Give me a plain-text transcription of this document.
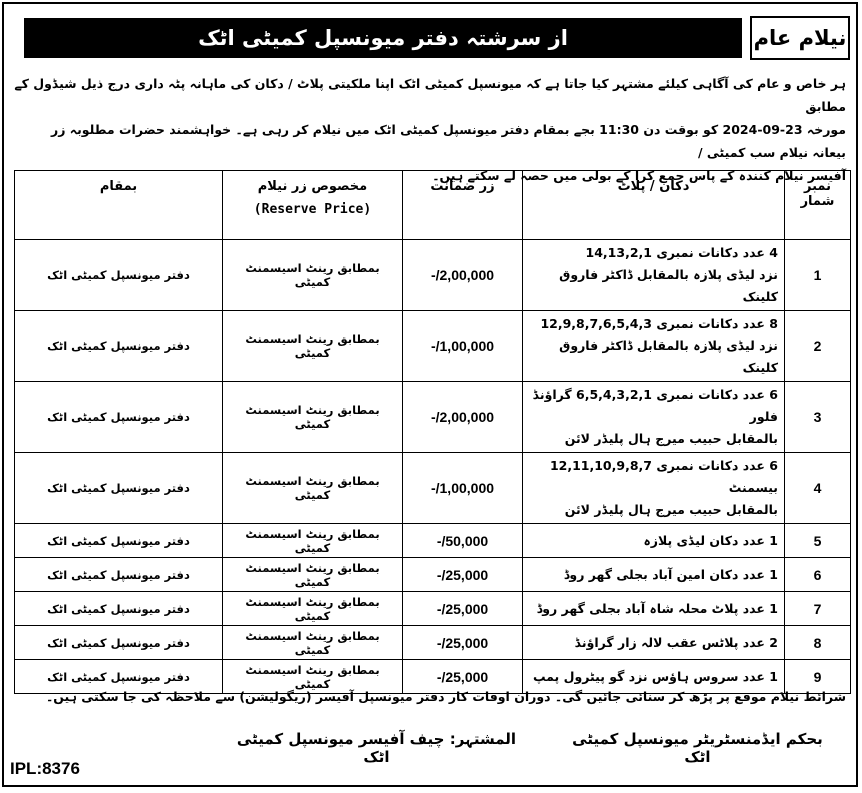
نیلام عام
از سرشتہ دفتر میونسپل کمیٹی اٹک
ہر خاص و عام کی آگاہی کیلئے مشتہر کیا جاتا ہے کہ میونسپل کمیٹی اٹک اپنا ملکیتی پلاٹ / دکان کی ماہانہ پٹہ داری درج ذیل شیڈول کے مطابق
مورخہ 23-09-2024 کو بوقت دن 11:30 بجے بمقام دفتر میونسپل کمیٹی اٹک میں نیلام کر رہی ہے۔ خواہشمند حضرات مطلوبہ زر بیعانہ نیلام سب کمیٹی /
آفیسر نیلام کنندہ کے پاس جمع کرا کے بولی میں حصہ لے سکتے ہیں۔
نمبر شمار	دکان / پلاٹ	زر ضمانت	مخصوص زر نیلام
(Reserve Price)	بمقام
1	4 عدد دکانات نمبری 14,13,2,1
نزد لیڈی پلازہ بالمقابل ڈاکٹر فاروق کلینک	-/2,00,000	بمطابق رینٹ اسیسمنٹ کمیٹی	دفتر میونسپل کمیٹی اٹک
2	8 عدد دکانات نمبری 12,9,8,7,6,5,4,3
نزد لیڈی پلازہ بالمقابل ڈاکٹر فاروق کلینک	-/1,00,000	بمطابق رینٹ اسیسمنٹ کمیٹی	دفتر میونسپل کمیٹی اٹک
3	6 عدد دکانات نمبری 6,5,4,3,2,1 گراؤنڈ فلور
بالمقابل حبیب میرج ہال پلیڈر لائن	-/2,00,000	بمطابق رینٹ اسیسمنٹ کمیٹی	دفتر میونسپل کمیٹی اٹک
4	6 عدد دکانات نمبری 12,11,10,9,8,7 بیسمنٹ
بالمقابل حبیب میرج ہال پلیڈر لائن	-/1,00,000	بمطابق رینٹ اسیسمنٹ کمیٹی	دفتر میونسپل کمیٹی اٹک
5	1 عدد دکان لیڈی پلازہ	-/50,000	بمطابق رینٹ اسیسمنٹ کمیٹی	دفتر میونسپل کمیٹی اٹک
6	1 عدد دکان امین آباد بجلی گھر روڈ	-/25,000	بمطابق رینٹ اسیسمنٹ کمیٹی	دفتر میونسپل کمیٹی اٹک
7	1 عدد پلاٹ محلہ شاہ آباد بجلی گھر روڈ	-/25,000	بمطابق رینٹ اسیسمنٹ کمیٹی	دفتر میونسپل کمیٹی اٹک
8	2 عدد پلاٹس عقب لالہ زار گراؤنڈ	-/25,000	بمطابق رینٹ اسیسمنٹ کمیٹی	دفتر میونسپل کمیٹی اٹک
9	1 عدد سروس ہاؤس نزد گو پیٹرول پمپ	-/25,000	بمطابق رینٹ اسیسمنٹ کمیٹی	دفتر میونسپل کمیٹی اٹک
شرائط نیلام موقع پر پڑھ کر سنائی جائیں گی۔ دوران اوقات کار دفتر میونسپل آفیسر (ریگولیشن) سے ملاحظہ کی جا سکتی ہیں۔
بحکم ایڈمنسٹریٹر میونسپل کمیٹی اٹک
المشتہر: چیف آفیسر میونسپل کمیٹی اٹک
IPL:8376
